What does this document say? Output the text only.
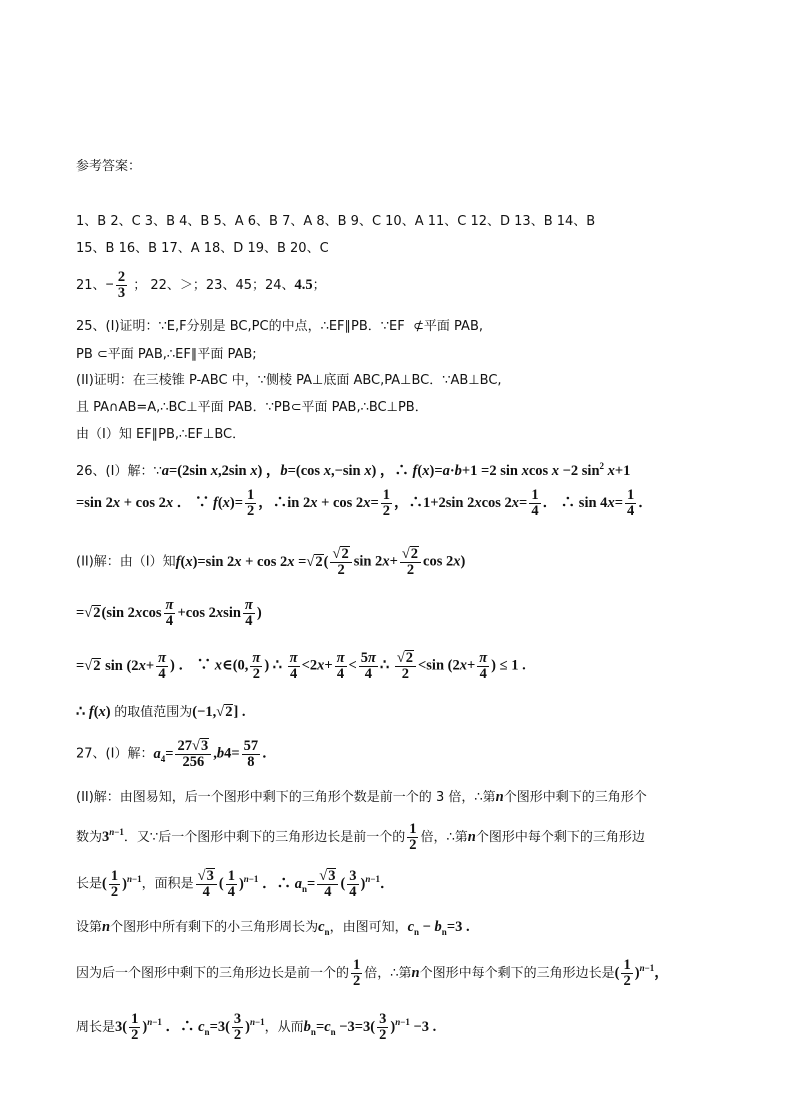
参考答案：
1、B 2、C 3、B 4、B 5、A 6、B 7、A 8、B 9、C 10、A 11、C 12、D 13、B 14、B
15、B 16、B 17、A 18、D 19、B 20、C
21、− $\frac{2}{3}$ ； 22、＞；23、45；24、4.5；
25、(I)证明：∵E,F分别是 BC,PC的中点，∴EF∥PB．∵EF ⊄平面 PAB,
PB ⊂平面 PAB,∴EF∥平面 PAB;
(II)证明：在三棱锥 P-ABC 中，∵侧棱 PA⊥底面 ABC,PA⊥BC．∵AB⊥BC,
且 PA∩AB=A,∴BC⊥平面 PAB．∵PB⊂平面 PAB,∴BC⊥PB．
由（I）知 EF∥PB,∴EF⊥BC．
26、(I）解：∵a=(2sin x,2sin x) ，b=(cos x,−sin x) ，∴ f(x)=a·b+1 =2 sin xcos x −2 $\sin^2 x+1$
=sin 2x + cos 2x ． ∵ $f(x)= \frac{1}{2}$ ，∴in $2x + \cos 2x= \frac{1}{2}$ ，∴1+2sin 2xcos $2x= \frac{1}{4}$ ． ∴ $\sin 4x= \frac{1}{4}$ ．
(II)解：由（I）知f(x)=sin $2x + \cos 2x =√2( \frac{√2}{2}$ $\sin 2x+ \frac{√2}{2}$ cos 2x)
=√2(sin $2xcos \frac{\pi}{4} +\cos$ $2xsin \frac{\pi}{4}$ )
=√2 $\sin (2x+ \frac{\pi}{4}$ ) ． ∵ x∈(0, $\frac{\pi}{2}$ ) ∴ $\frac{\pi}{4} <2x+ \frac{\pi}{4} < \frac{5\pi}{4}$ ∴ $\frac{√2}{2} <\sin$ ($2x+ \frac{\pi}{4}$ ) ≤ 1 .
∴ f(x) 的取值范围为(−1,√2] .
27、(I）解：$a_4= \frac{27√3}{256} ,b4= \frac{57}{8}$ ．
(II)解：由图易知，后一个图形中剩下的三角形个数是前一个的 3 倍，∴第n个图形中剩下的三角形个
数为$3^{n-1}$．又∵后一个图形中剩下的三角形边长是前一个的 $\frac{1}{2}$ 倍，∴第n个图形中每个剩下的三角形边
长是( $\frac{1}{2} )^{n-1}$，面积是 $\frac{√3}{4}$ ( $\frac{1}{4} )^{n-1}$ ．∴ $a_n= \frac{√3}{4}$ ( $\frac{3}{4} )^{n-1}$．
设第n个图形中所有剩下的小三角形周长为$c_n$，由图可知，$c_n - b_n=3$ .
因为后一个图形中剩下的三角形边长是前一个的 $\frac{1}{2}$ 倍，∴第n个图形中每个剩下的三角形边长是( $\frac{1}{2} )^{n-1}$，
周长是$3( \frac{1}{2} )^{n-1}$ ．∴ $c_n=3( \frac{3}{2} )^{n-1}$，从而$b_n=c_n -3=3( \frac{3}{2} )^{n-1} -3$ .
